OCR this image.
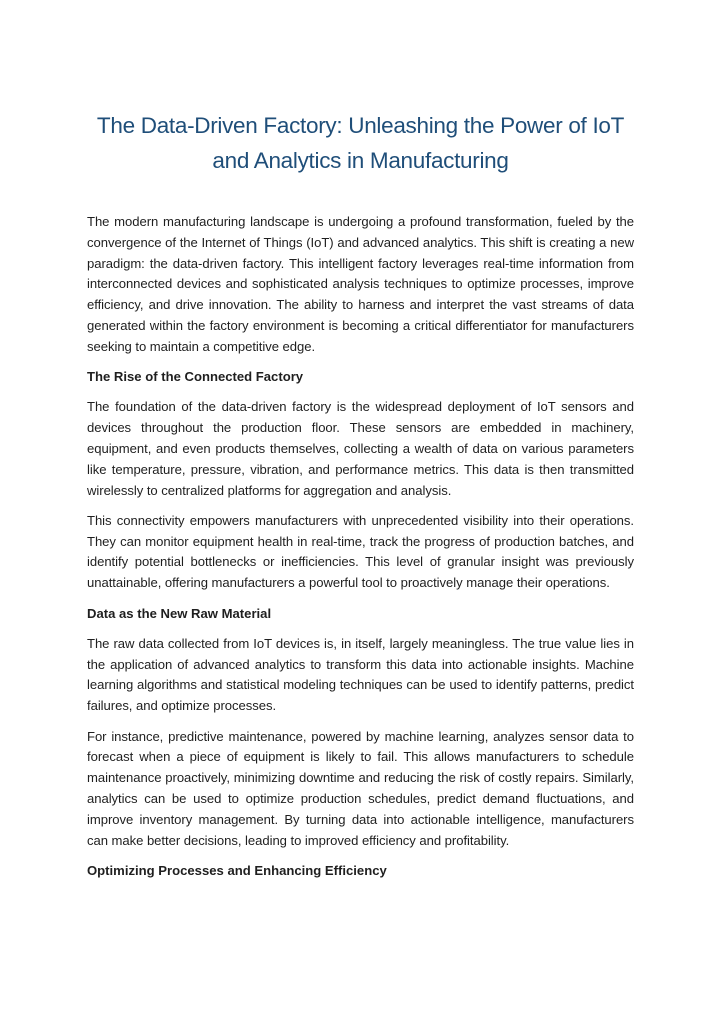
The Data-Driven Factory: Unleashing the Power of IoT
and Analytics in Manufacturing

The modern manufacturing landscape is undergoing a profound transformation, fueled by the convergence of the Internet of Things (IoT) and advanced analytics. This shift is creating a new paradigm: the data-driven factory. This intelligent factory leverages real-time information from interconnected devices and sophisticated analysis techniques to optimize processes, improve efficiency, and drive innovation. The ability to harness and interpret the vast streams of data generated within the factory environment is becoming a critical differentiator for manufacturers seeking to maintain a competitive edge.

The Rise of the Connected Factory

The foundation of the data-driven factory is the widespread deployment of IoT sensors and devices throughout the production floor. These sensors are embedded in machinery, equipment, and even products themselves, collecting a wealth of data on various parameters like temperature, pressure, vibration, and performance metrics. This data is then transmitted wirelessly to centralized platforms for aggregation and analysis.

This connectivity empowers manufacturers with unprecedented visibility into their operations. They can monitor equipment health in real-time, track the progress of production batches, and identify potential bottlenecks or inefficiencies. This level of granular insight was previously unattainable, offering manufacturers a powerful tool to proactively manage their operations.

Data as the New Raw Material

The raw data collected from IoT devices is, in itself, largely meaningless. The true value lies in the application of advanced analytics to transform this data into actionable insights. Machine learning algorithms and statistical modeling techniques can be used to identify patterns, predict failures, and optimize processes.

For instance, predictive maintenance, powered by machine learning, analyzes sensor data to forecast when a piece of equipment is likely to fail. This allows manufacturers to schedule maintenance proactively, minimizing downtime and reducing the risk of costly repairs. Similarly, analytics can be used to optimize production schedules, predict demand fluctuations, and improve inventory management. By turning data into actionable intelligence, manufacturers can make better decisions, leading to improved efficiency and profitability.

Optimizing Processes and Enhancing Efficiency
